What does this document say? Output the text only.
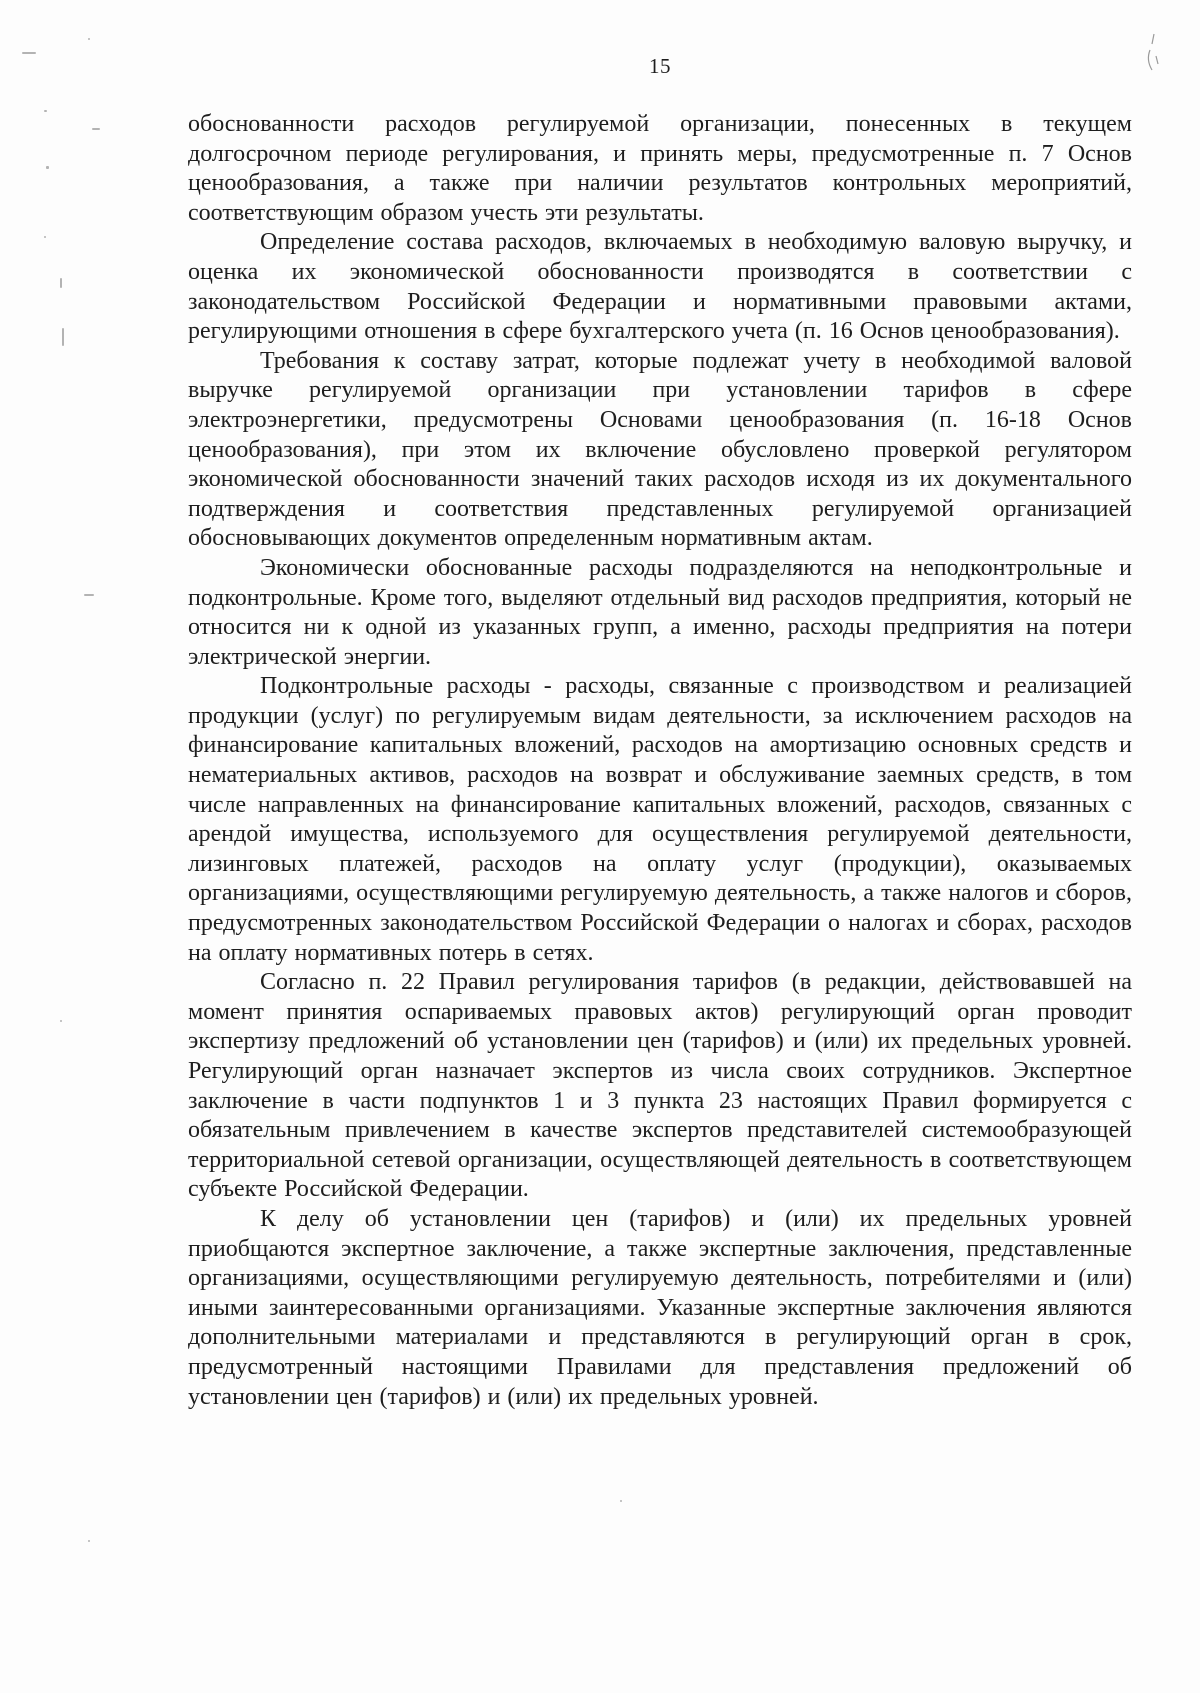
15

обоснованности расходов регулируемой организации, понесенных в текущем долгосрочном периоде регулирования, и принять меры, предусмотренные п. 7 Основ ценообразования, а также при наличии результатов контрольных мероприятий, соответствующим образом учесть эти результаты.

Определение состава расходов, включаемых в необходимую валовую выручку, и оценка их экономической обоснованности производятся в соответствии с законодательством Российской Федерации и нормативными правовыми актами, регулирующими отношения в сфере бухгалтерского учета (п. 16 Основ ценообразования).

Требования к составу затрат, которые подлежат учету в необходимой валовой выручке регулируемой организации при установлении тарифов в сфере электроэнергетики, предусмотрены Основами ценообразования (п. 16-18 Основ ценообразования), при этом их включение обусловлено проверкой регулятором экономической обоснованности значений таких расходов исходя из их документального подтверждения и соответствия представленных регулируемой организацией обосновывающих документов определенным нормативным актам.

Экономически обоснованные расходы подразделяются на неподконтрольные и подконтрольные. Кроме того, выделяют отдельный вид расходов предприятия, который не относится ни к одной из указанных групп, а именно, расходы предприятия на потери электрической энергии.

Подконтрольные расходы - расходы, связанные с производством и реализацией продукции (услуг) по регулируемым видам деятельности, за исключением расходов на финансирование капитальных вложений, расходов на амортизацию основных средств и нематериальных активов, расходов на возврат и обслуживание заемных средств, в том числе направленных на финансирование капитальных вложений, расходов, связанных с арендой имущества, используемого для осуществления регулируемой деятельности, лизинговых платежей, расходов на оплату услуг (продукции), оказываемых организациями, осуществляющими регулируемую деятельность, а также налогов и сборов, предусмотренных законодательством Российской Федерации о налогах и сборах, расходов на оплату нормативных потерь в сетях.

Согласно п. 22 Правил регулирования тарифов (в редакции, действовавшей на момент принятия оспариваемых правовых актов) регулирующий орган проводит экспертизу предложений об установлении цен (тарифов) и (или) их предельных уровней. Регулирующий орган назначает экспертов из числа своих сотрудников. Экспертное заключение в части подпунктов 1 и 3 пункта 23 настоящих Правил формируется с обязательным привлечением в качестве экспертов представителей системообразующей территориальной сетевой организации, осуществляющей деятельность в соответствующем субъекте Российской Федерации.

К делу об установлении цен (тарифов) и (или) их предельных уровней приобщаются экспертное заключение, а также экспертные заключения, представленные организациями, осуществляющими регулируемую деятельность, потребителями и (или) иными заинтересованными организациями. Указанные экспертные заключения являются дополнительными материалами и представляются в регулирующий орган в срок, предусмотренный настоящими Правилами для представления предложений об установлении цен (тарифов) и (или) их предельных уровней.
